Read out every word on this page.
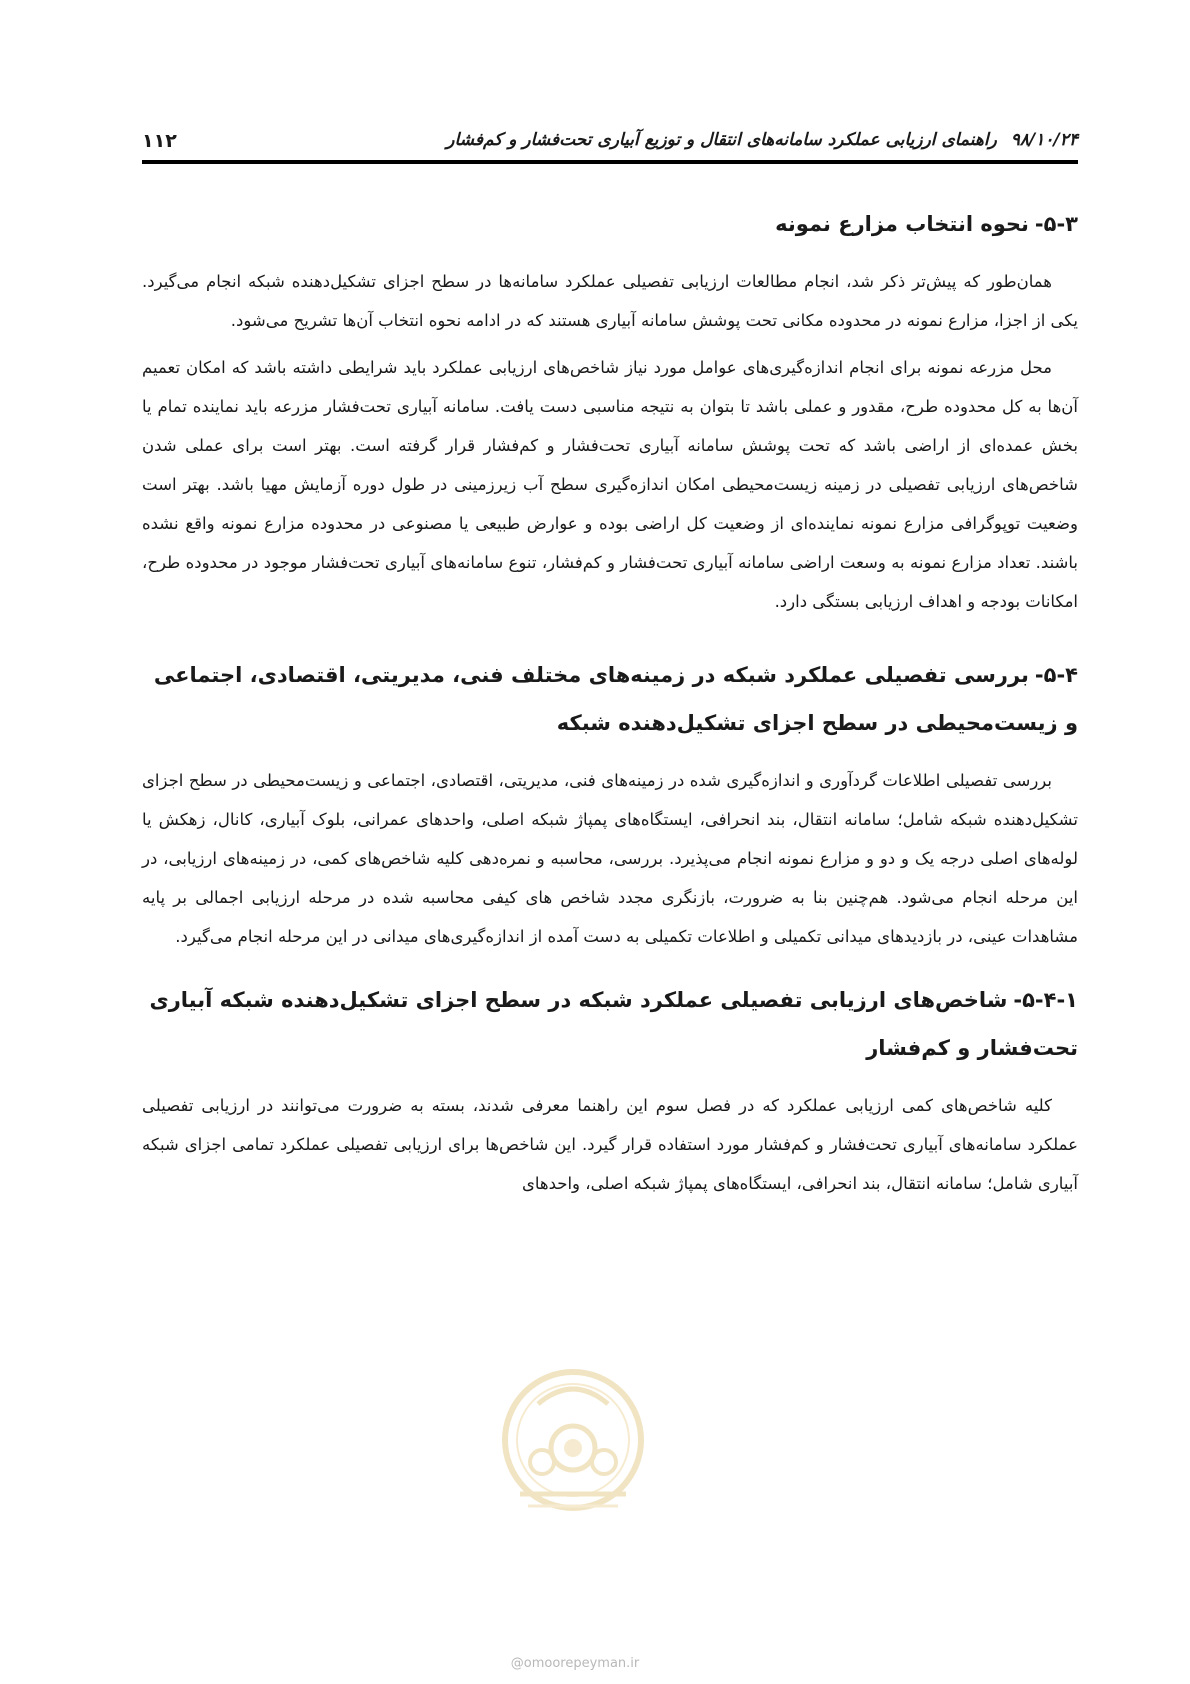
۱۱۲	۹۸/۱۰/۲۴راهنمای ارزیابی عملکرد سامانه‌های انتقال و توزیع آبیاری تحت‌فشار و کم‌فشار
۵-۳-نحوه انتخاب مزارع نمونه

همان‌طور که پیش‌تر ذکر شد، انجام مطالعات ارزیابی تفصیلی عملکرد سامانه‌ها در سطح اجزای تشکیل‌دهنده شبکه انجام می‌گیرد. یکی از اجزا، مزارع نمونه در محدوده مکانی تحت پوشش سامانه آبیاری هستند که در ادامه نحوه انتخاب آن‌ها تشریح می‌شود.

محل مزرعه نمونه برای انجام اندازه‌گیری‌های عوامل مورد نیاز شاخص‌های ارزیابی عملکرد باید شرایطی داشته باشد که امکان تعمیم آن‌ها به کل محدوده طرح، مقدور و عملی باشد تا بتوان به نتیجه مناسبی دست یافت. سامانه آبیاری تحت‌فشار مزرعه باید نماینده تمام یا بخش عمده‌ای از اراضی باشد که تحت پوشش سامانه آبیاری تحت‌فشار و کم‌فشار قرار گرفته است. بهتر است برای عملی شدن شاخص‌های ارزیابی تفصیلی در زمینه زیست‌محیطی امکان اندازه‌گیری سطح آب زیرزمینی در طول دوره آزمایش مهیا باشد. بهتر است وضعیت توپوگرافی مزارع نمونه نماینده‌ای از وضعیت کل اراضی بوده و عوارض طبیعی یا مصنوعی در محدوده مزارع نمونه واقع نشده باشند. تعداد مزارع نمونه به وسعت اراضی سامانه آبیاری تحت‌فشار و کم‌فشار، تنوع سامانه‌های آبیاری تحت‌فشار موجود در محدوده طرح، امکانات بودجه و اهداف ارزیابی بستگی دارد.

۵-۴-بررسی تفصیلی عملکرد شبکه در زمینه‌های مختلف فنی، مدیریتی، اقتصادی، اجتماعی و زیست‌محیطی در سطح اجزای تشکیل‌دهنده شبکه

بررسی تفصیلی اطلاعات گردآوری و اندازه‌گیری شده در زمینه‌های فنی، مدیریتی، اقتصادی، اجتماعی و زیست‌محیطی در سطح اجزای تشکیل‌دهنده شبکه شامل؛ سامانه انتقال، بند انحرافی، ایستگاه‌های پمپاژ شبکه اصلی، واحدهای عمرانی، بلوک آبیاری، کانال، زهکش یا لوله‌های اصلی درجه یک و دو و مزارع نمونه انجام می‌پذیرد. بررسی، محاسبه و نمره‌دهی کلیه شاخص‌های کمی، در زمینه‌های ارزیابی، در این مرحله انجام می‌شود. هم‌چنین بنا به ضرورت، بازنگری مجدد شاخص های کیفی محاسبه شده در مرحله ارزیابی اجمالی بر پایه مشاهدات عینی، در بازدیدهای میدانی تکمیلی و اطلاعات تکمیلی به دست آمده از اندازه‌گیری‌های میدانی در این مرحله انجام می‌گیرد.

۵-۴-۱-شاخص‌های ارزیابی تفصیلی عملکرد شبکه در سطح اجزای تشکیل‌دهنده شبکه آبیاری تحت‌فشار و کم‌فشار

کلیه شاخص‌های کمی ارزیابی عملکرد که در فصل سوم این راهنما معرفی شدند، بسته به ضرورت می‌توانند در ارزیابی تفصیلی عملکرد سامانه‌های آبیاری تحت‌فشار و کم‌فشار مورد استفاده قرار گیرد. این شاخص‌ها برای ارزیابی تفصیلی عملکرد تمامی اجزای شبکه آبیاری شامل؛ سامانه انتقال، بند انحرافی، ایستگاه‌های پمپاژ شبکه اصلی، واحدهای

@omoorepeyman.ir
